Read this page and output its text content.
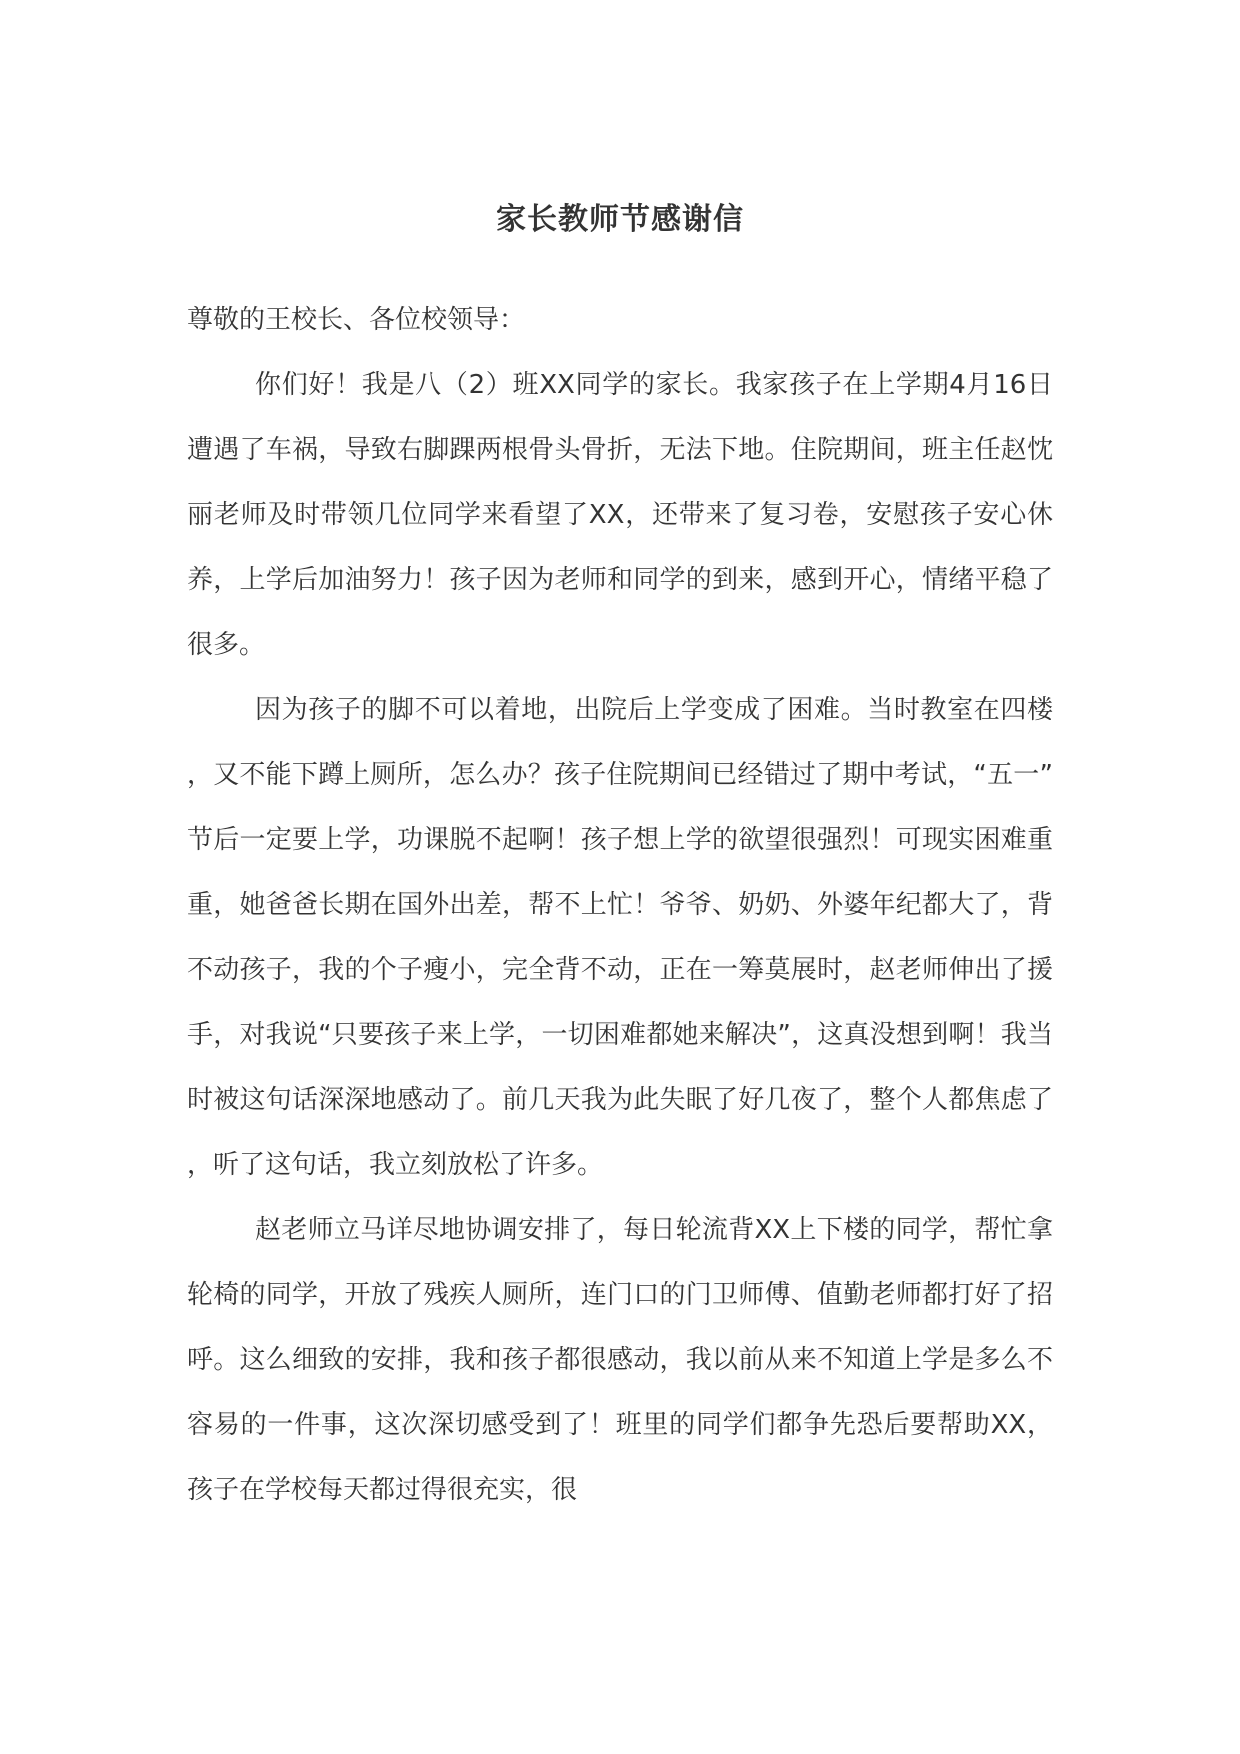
家长教师节感谢信

尊敬的王校长、各位校领导：

你们好！我是八（2）班XX同学的家长。我家孩子在上学期4月16日遭遇了车祸，导致右脚踝两根骨头骨折，无法下地。住院期间，班主任赵忱丽老师及时带领几位同学来看望了XX，还带来了复习卷，安慰孩子安心休养，上学后加油努力！孩子因为老师和同学的到来，感到开心，情绪平稳了很多。

因为孩子的脚不可以着地，出院后上学变成了困难。当时教室在四楼，又不能下蹲上厕所，怎么办？孩子住院期间已经错过了期中考试，“五一”节后一定要上学，功课脱不起啊！孩子想上学的欲望很强烈！可现实困难重重，她爸爸长期在国外出差，帮不上忙！爷爷、奶奶、外婆年纪都大了，背不动孩子，我的个子瘦小，完全背不动，正在一筹莫展时，赵老师伸出了援手，对我说“只要孩子来上学，一切困难都她来解决”，这真没想到啊！我当时被这句话深深地感动了。前几天我为此失眠了好几夜了，整个人都焦虑了，听了这句话，我立刻放松了许多。

赵老师立马详尽地协调安排了，每日轮流背XX上下楼的同学，帮忙拿轮椅的同学，开放了残疾人厕所，连门口的门卫师傅、值勤老师都打好了招呼。这么细致的安排，我和孩子都很感动，我以前从来不知道上学是多么不容易的一件事，这次深切感受到了！班里的同学们都争先恐后要帮助XX，孩子在学校每天都过得很充实，很
